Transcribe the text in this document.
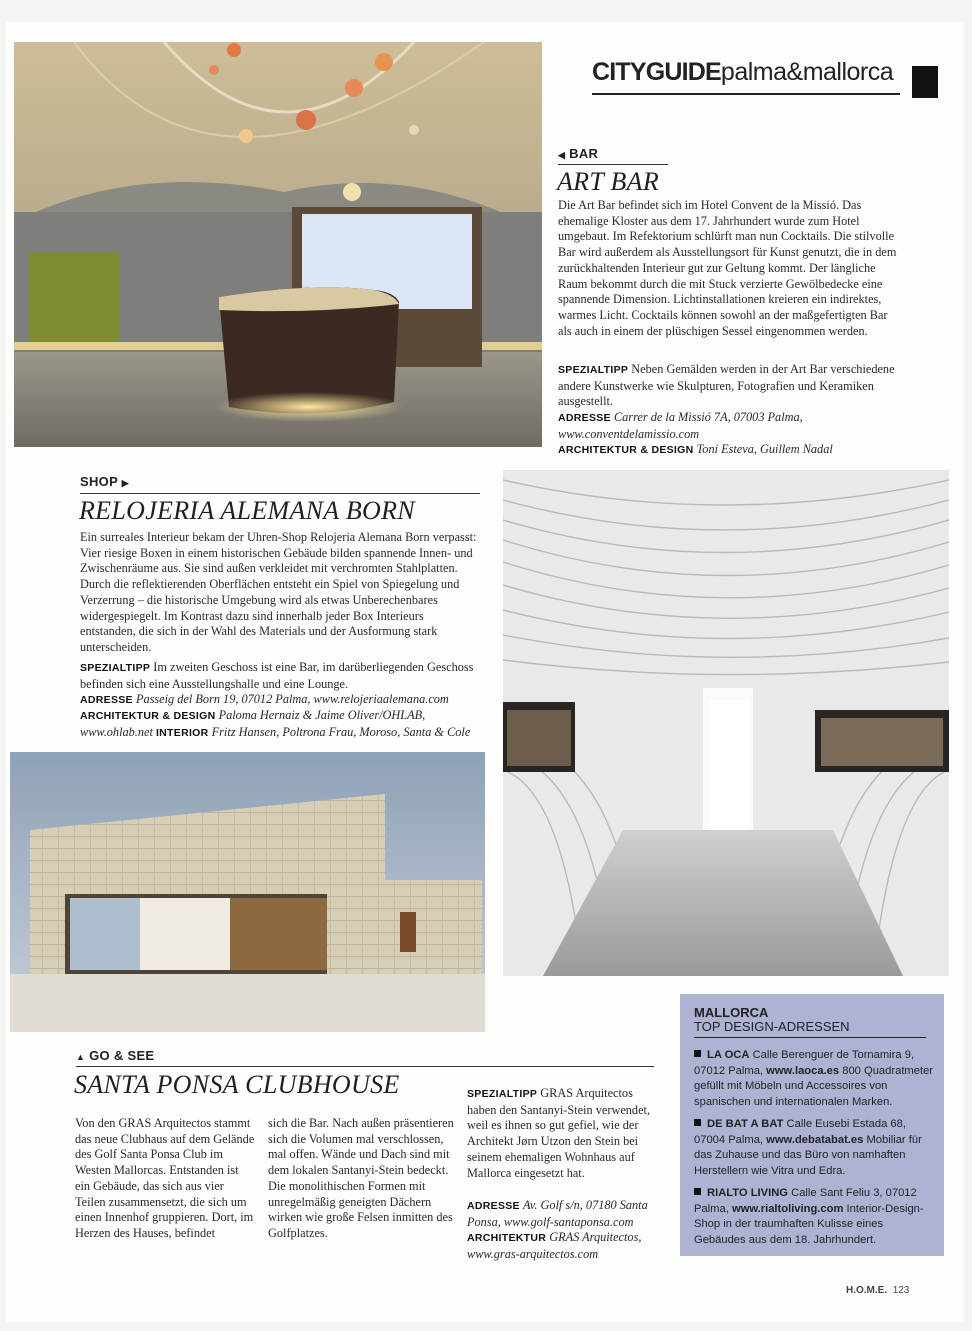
CITYGUIDEpalma&mallorca
◀ BAR
ART BAR
Die Art Bar befindet sich im Hotel Convent de la Missió. Das ehemalige Kloster aus dem 17. Jahrhundert wurde zum Hotel umgebaut. Im Refektorium schlürft man nun Cocktails. Die stilvolle Bar wird außerdem als Ausstellungsort für Kunst genutzt, die in dem zurückhaltenden Interieur gut zur Geltung kommt. Der längliche Raum bekommt durch die mit Stuck verzierte Gewölbedecke eine spannende Dimension. Lichtinstallationen kreieren ein indirektes, warmes Licht. Cocktails können sowohl an der maßgefertigten Bar als auch in einem der plüschigen Sessel eingenommen werden.
SPEZIALTIPP Neben Gemälden werden in der Art Bar verschiedene andere Kunstwerke wie Skulpturen, Fotografien und Keramiken ausgestellt.
ADRESSE Carrer de la Missió 7A, 07003 Palma, www.conventdelamissio.com
ARCHITEKTUR & DESIGN Toni Esteva, Guillem Nadal
SHOP ▶
RELOJERIA ALEMANA BORN
Ein surreales Interieur bekam der Uhren-Shop Relojeria Alemana Born verpasst: Vier riesige Boxen in einem historischen Gebäude bilden spannende Innen- und Zwischenräume aus. Sie sind außen verkleidet mit verchromten Stahlplatten. Durch die reflektierenden Oberflächen entsteht ein Spiel von Spiegelung und Verzerrung – die historische Umgebung wird als etwas Unberechenbares widergespiegelt. Im Kontrast dazu sind innerhalb jeder Box Interieurs entstanden, die sich in der Wahl des Materials und der Ausformung stark unterscheiden.
SPEZIALTIPP Im zweiten Geschoss ist eine Bar, im darüberliegenden Geschoss befinden sich eine Ausstellungshalle und eine Lounge.
ADRESSE Passeig del Born 19, 07012 Palma, www.relojeriaalemana.com
ARCHITEKTUR & DESIGN Paloma Hernaiz & Jaime Oliver/OHLAB, www.ohlab.net INTERIOR Fritz Hansen, Poltrona Frau, Moroso, Santa & Cole
▲ GO & SEE
SANTA PONSA CLUBHOUSE
Von den GRAS Arquitectos stammt das neue Clubhaus auf dem Gelände des Golf Santa Ponsa Club im Westen Mallorcas. Entstanden ist ein Gebäude, das sich aus vier Teilen zusammensetzt, die sich um einen Innenhof gruppieren. Dort, im Herzen des Hauses, befindet
sich die Bar. Nach außen präsentieren sich die Volumen mal verschlossen, mal offen. Wände und Dach sind mit dem lokalen Santanyi-Stein bedeckt. Die monolithischen Formen mit unregelmäßig geneigten Dächern wirken wie große Felsen inmitten des Golfplatzes.
SPEZIALTIPP GRAS Arquitectos haben den Santanyi-Stein verwendet, weil es ihnen so gut gefiel, wie der Architekt Jørn Utzon den Stein bei seinem ehemaligen Wohnhaus auf Mallorca eingesetzt hat.
ADRESSE Av. Golf s/n, 07180 Santa Ponsa, www.golf-santaponsa.com
ARCHITEKTUR GRAS Arquitectos, www.gras-arquitectos.com
MALLORCA
TOP DESIGN-ADRESSEN
LA OCA Calle Berenguer de Tornamira 9, 07012 Palma, www.laoca.es 800 Quadratmeter gefüllt mit Möbeln und Accessoires von spanischen und internationalen Marken.
DE BAT A BAT Calle Eusebi Estada 68, 07004 Palma, www.debatabat.es Mobiliar für das Zuhause und das Büro von namhaften Herstellern wie Vitra und Edra.
RIALTO LIVING Calle Sant Feliu 3, 07012 Palma, www.rialtoliving.com Interior-Design-Shop in der traumhaften Kulisse eines Gebäudes aus dem 18. Jahrhundert.
H.O.M.E. 123
